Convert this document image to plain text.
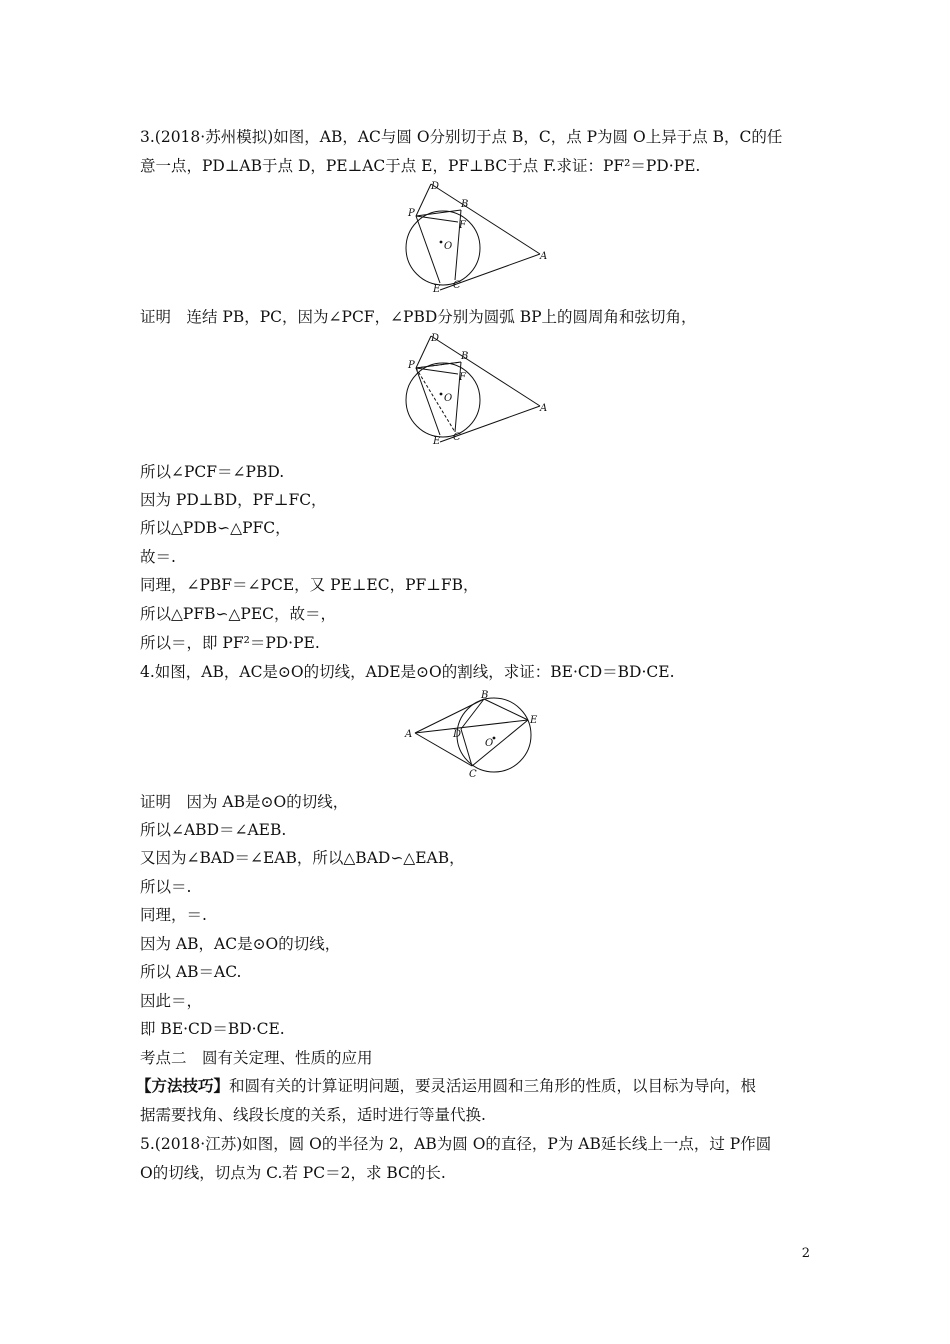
3.(2018·苏州模拟)如图，AB，AC与圆 O分别切于点 B，C，点 P为圆 O上异于点 B，C的任
意一点，PD⊥AB于点 D，PE⊥AC于点 E，PF⊥BC于点 F.求证：PF²＝PD·PE.
D
B
P
F
O
A
E C
证明　连结 PB，PC，因为∠PCF，∠PBD分别为圆弧 BP上的圆周角和弦切角，
D
B
P
F
O
A
E C
所以∠PCF＝∠PBD.
因为 PD⊥BD，PF⊥FC，
所以△PDB∽△PFC，
故＝.
同理，∠PBF＝∠PCE，又 PE⊥EC，PF⊥FB，
所以△PFB∽△PEC，故＝，
所以＝，即 PF²＝PD·PE.
4.如图，AB，AC是⊙O的切线，ADE是⊙O的割线，求证：BE·CD＝BD·CE.
A
B
D
E
O
C
证明　因为 AB是⊙O的切线，
所以∠ABD＝∠AEB.
又因为∠BAD＝∠EAB，所以△BAD∽△EAB，
所以＝.
同理，＝.
因为 AB，AC是⊙O的切线，
所以 AB＝AC.
因此＝，
即 BE·CD＝BD·CE.
考点二　圆有关定理、性质的应用
【方法技巧】和圆有关的计算证明问题，要灵活运用圆和三角形的性质，以目标为导向，根
据需要找角、线段长度的关系，适时进行等量代换.
5.(2018·江苏)如图，圆 O的半径为 2，AB为圆 O的直径，P为 AB延长线上一点，过 P作圆
O的切线，切点为 C.若 PC＝2，求 BC的长.
2
